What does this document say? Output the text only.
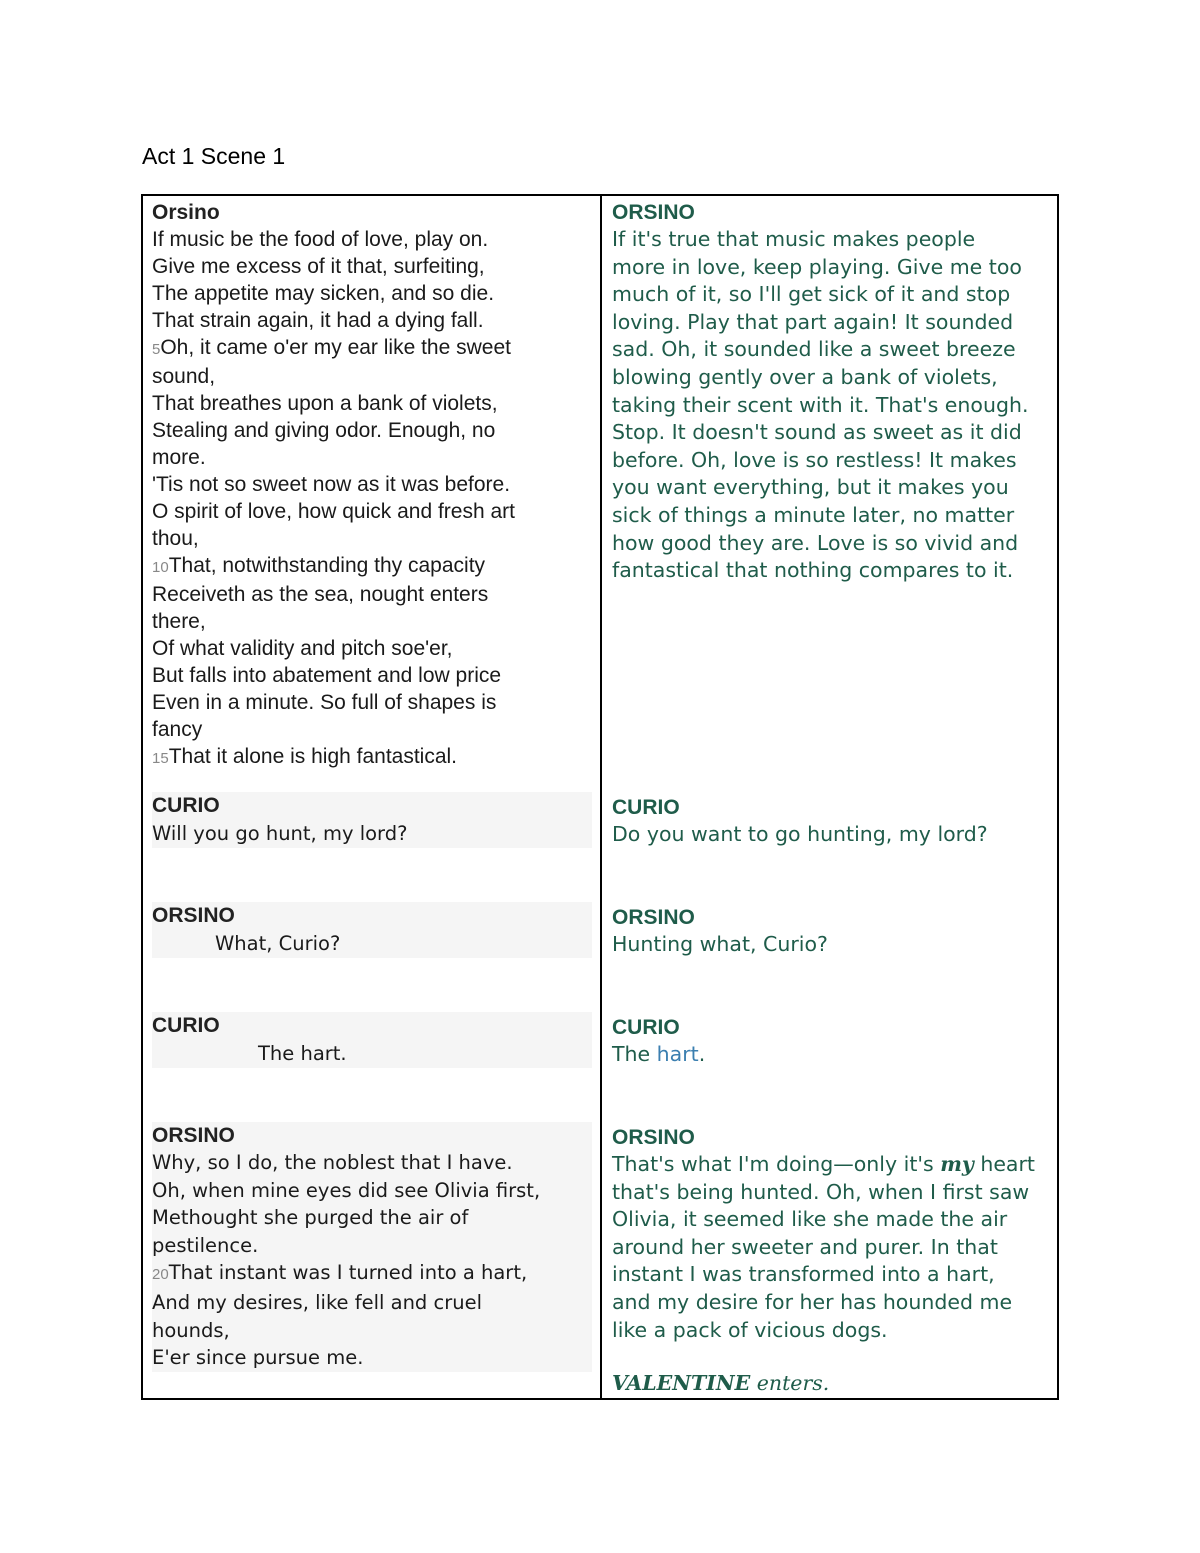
Act 1 Scene 1
Orsino
If music be the food of love, play on.
Give me excess of it that, surfeiting,
The appetite may sicken, and so die.
That strain again, it had a dying fall.
5Oh, it came o'er my ear like the sweet
sound,
That breathes upon a bank of violets,
Stealing and giving odor. Enough, no
more.
'Tis not so sweet now as it was before.
O spirit of love, how quick and fresh art
thou,
10That, notwithstanding thy capacity
Receiveth as the sea, nought enters
there,
Of what validity and pitch soe'er,
But falls into abatement and low price
Even in a minute. So full of shapes is
fancy
15That it alone is high fantastical.
CURIO
Will you go hunt, my lord?
ORSINO
What, Curio?
CURIO
The hart.
ORSINO
Why, so I do, the noblest that I have.
Oh, when mine eyes did see Olivia first,
Methought she purged the air of
pestilence.
20That instant was I turned into a hart,
And my desires, like fell and cruel
hounds,
E'er since pursue me.
ORSINO
If it's true that music makes people
more in love, keep playing. Give me too
much of it, so I'll get sick of it and stop
loving. Play that part again! It sounded
sad. Oh, it sounded like a sweet breeze
blowing gently over a bank of violets,
taking their scent with it. That's enough.
Stop. It doesn't sound as sweet as it did
before. Oh, love is so restless! It makes
you want everything, but it makes you
sick of things a minute later, no matter
how good they are. Love is so vivid and
fantastical that nothing compares to it.
CURIO
Do you want to go hunting, my lord?
ORSINO
Hunting what, Curio?
CURIO
The hart.
ORSINO
That's what I'm doing—only it's my heart
that's being hunted. Oh, when I first saw
Olivia, it seemed like she made the air
around her sweeter and purer. In that
instant I was transformed into a hart,
and my desire for her has hounded me
like a pack of vicious dogs.
VALENTINE enters.
